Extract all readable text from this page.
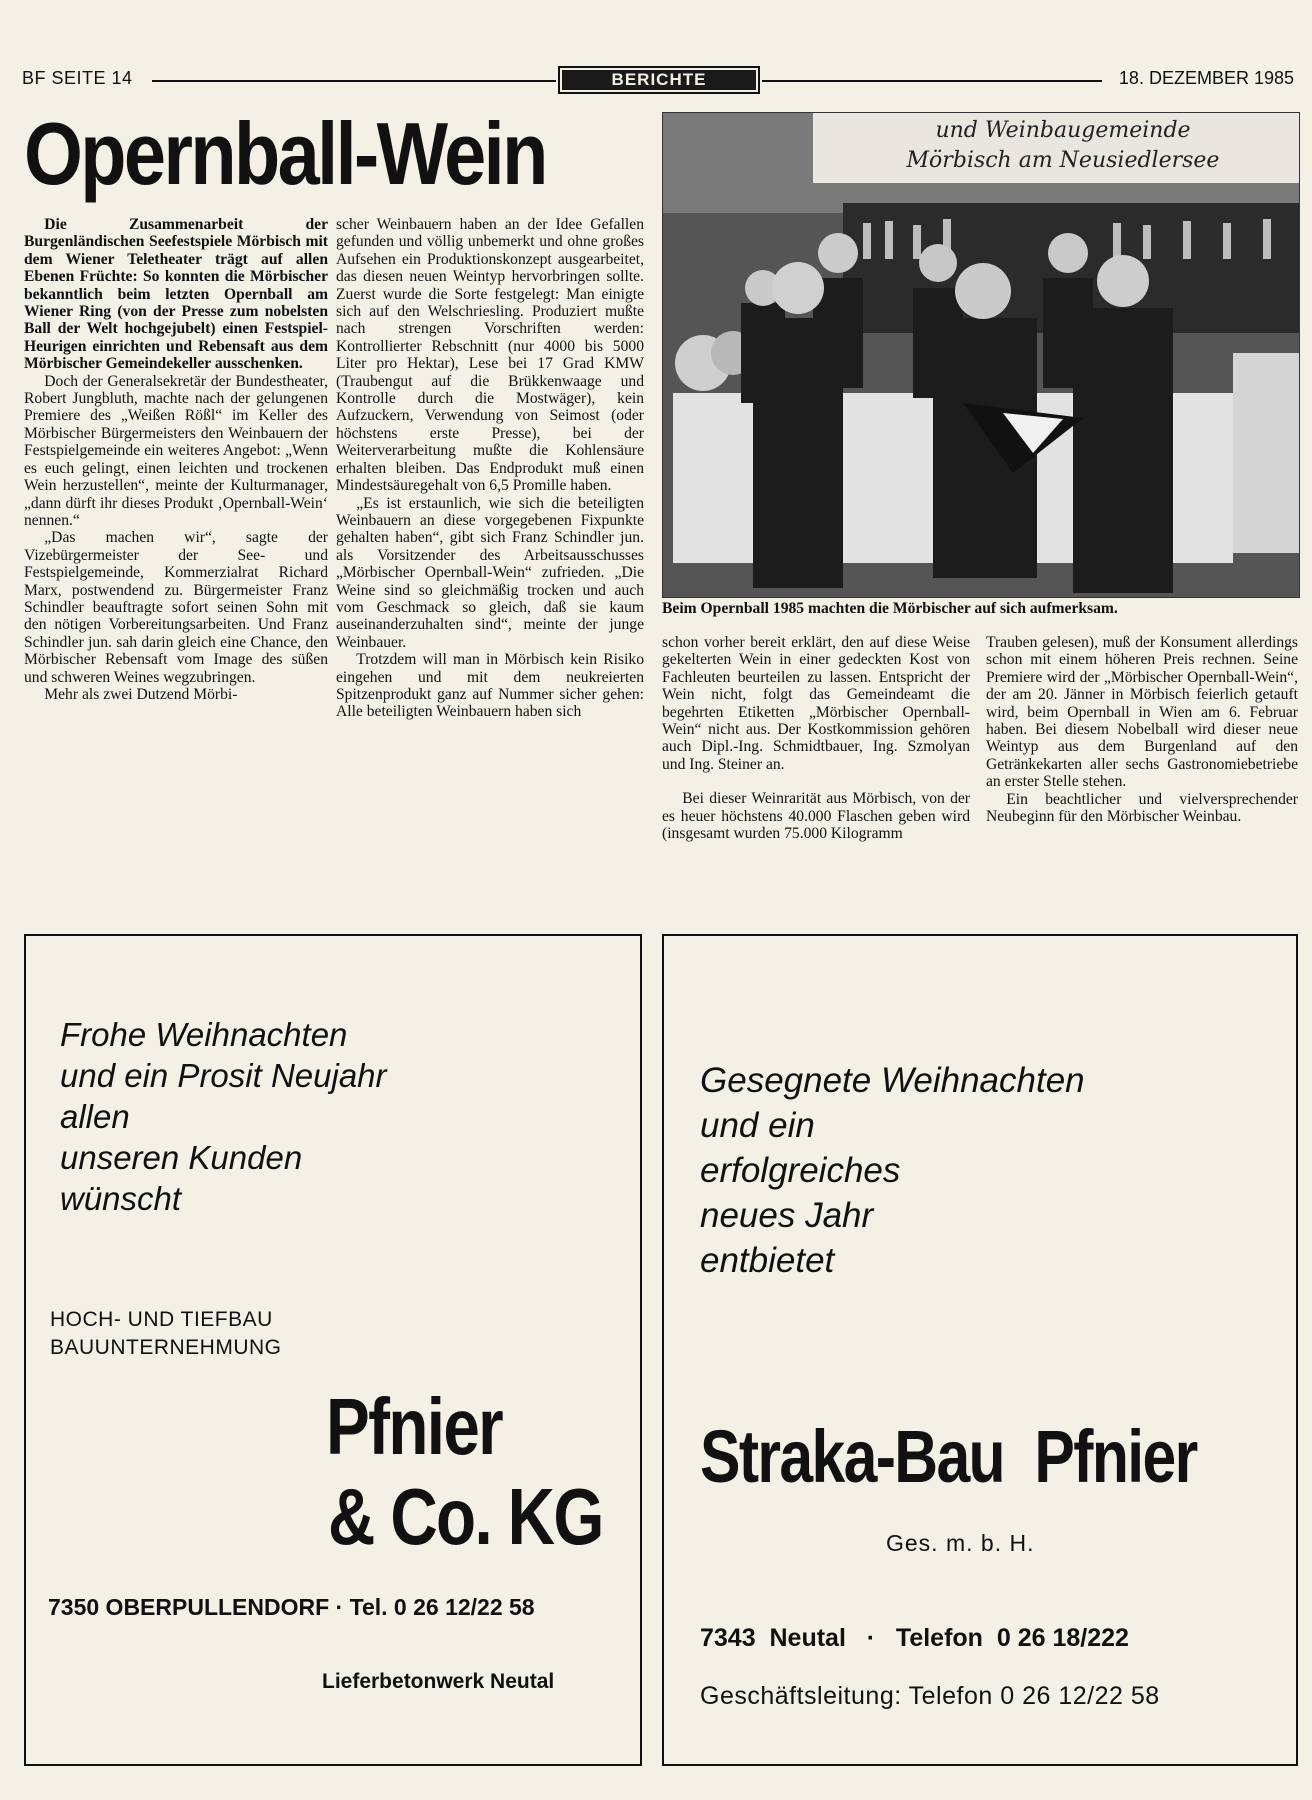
BF SEITE 14	BERICHTE	18. DEZEMBER 1985
Opernball-Wein

Die Zusammenarbeit der Burgenländischen Seefestspiele Mörbisch mit dem Wiener Teletheater trägt auf allen Ebenen Früchte: So konnten die Mörbischer bekanntlich beim letzten Opernball am Wiener Ring (von der Presse zum nobelsten Ball der Welt hochgejubelt) einen Festspiel-Heurigen einrichten und Rebensaft aus dem Mörbischer Gemeindekeller ausschenken.

Doch der Generalsekretär der Bundestheater, Robert Jungbluth, machte nach der gelungenen Premiere des „Weißen Rößl“ im Keller des Mörbischer Bürgermeisters den Weinbauern der Festspielgemeinde ein weiteres Angebot: „Wenn es euch gelingt, einen leichten und trockenen Wein herzustellen“, meinte der Kulturmanager, „dann dürft ihr dieses Produkt ‚Opernball-Wein‘ nennen.“

„Das machen wir“, sagte der Vizebürgermeister der See- und Festspielgemeinde, Kommerzialrat Richard Marx, postwendend zu. Bürgermeister Franz Schindler beauftragte sofort seinen Sohn mit den nötigen Vorbereitungsarbeiten. Und Franz Schindler jun. sah darin gleich eine Chance, den Mörbischer Rebensaft vom Image des süßen und schweren Weines wegzubringen.

Mehr als zwei Dutzend Mörbi-

scher Weinbauern haben an der Idee Gefallen gefunden und völlig unbemerkt und ohne großes Aufsehen ein Produktionskonzept ausgearbeitet, das diesen neuen Weintyp hervorbringen sollte. Zuerst wurde die Sorte festgelegt: Man einigte sich auf den Welschriesling. Produziert mußte nach strengen Vorschriften werden: Kontrollierter Rebschnitt (nur 4000 bis 5000 Liter pro Hektar), Lese bei 17 Grad KMW (Traubengut auf die Brükkenwaage und Kontrolle durch die Mostwäger), kein Aufzuckern, Verwendung von Seimost (oder höchstens erste Presse), bei der Weiterverarbeitung mußte die Kohlensäure erhalten bleiben. Das Endprodukt muß einen Mindestsäuregehalt von 6,5 Promille haben.

„Es ist erstaunlich, wie sich die beteiligten Weinbauern an diese vorgegebenen Fixpunkte gehalten haben“, gibt sich Franz Schindler jun. als Vorsitzender des Arbeitsausschusses „Mörbischer Opernball-Wein“ zufrieden. „Die Weine sind so gleichmäßig trocken und auch vom Geschmack so gleich, daß sie kaum auseinanderzuhalten sind“, meinte der junge Weinbauer.

Trotzdem will man in Mörbisch kein Risiko eingehen und mit dem neukreierten Spitzenprodukt ganz auf Nummer sicher gehen: Alle beteiligten Weinbauern haben sich

und Weinbaugemeinde
Mörbisch am Neusiedlersee
Beim Opernball 1985 machten die Mörbischer auf sich aufmerksam.

schon vorher bereit erklärt, den auf diese Weise gekelterten Wein in einer gedeckten Kost von Fachleuten beurteilen zu lassen. Entspricht der Wein nicht, folgt das Gemeindeamt die begehrten Etiketten „Mörbischer Opernball-Wein“ nicht aus. Der Kostkommission gehören auch Dipl.-Ing. Schmidtbauer, Ing. Szmolyan und Ing. Steiner an.

Bei dieser Weinrarität aus Mörbisch, von der es heuer höchstens 40.000 Flaschen geben wird (insgesamt wurden 75.000 Kilogramm

Trauben gelesen), muß der Konsument allerdings schon mit einem höheren Preis rechnen. Seine Premiere wird der „Mörbischer Opernball-Wein“, der am 20. Jänner in Mörbisch feierlich getauft wird, beim Opernball in Wien am 6. Februar haben. Bei diesem Nobelball wird dieser neue Weintyp aus dem Burgenland auf den Getränkekarten aller sechs Gastronomiebetriebe an erster Stelle stehen.

Ein beachtlicher und vielversprechender Neubeginn für den Mörbischer Weinbau.

Frohe Weihnachten
und ein Prosit Neujahr
allen
unseren Kunden
wünscht
HOCH- UND TIEFBAU
BAUUNTERNEHMUNG
Pfnier
& Co. KG
7350 OBERPULLENDORF · Tel. 0 26 12/22 58
Lieferbetonwerk Neutal
Gesegnete Weihnachten
und ein
erfolgreiches
neues Jahr
entbietet
Straka-Bau  Pfnier
Ges. m. b. H.
7343  Neutal   ·   Telefon  0 26 18/222
Geschäftsleitung: Telefon 0 26 12/22 58
